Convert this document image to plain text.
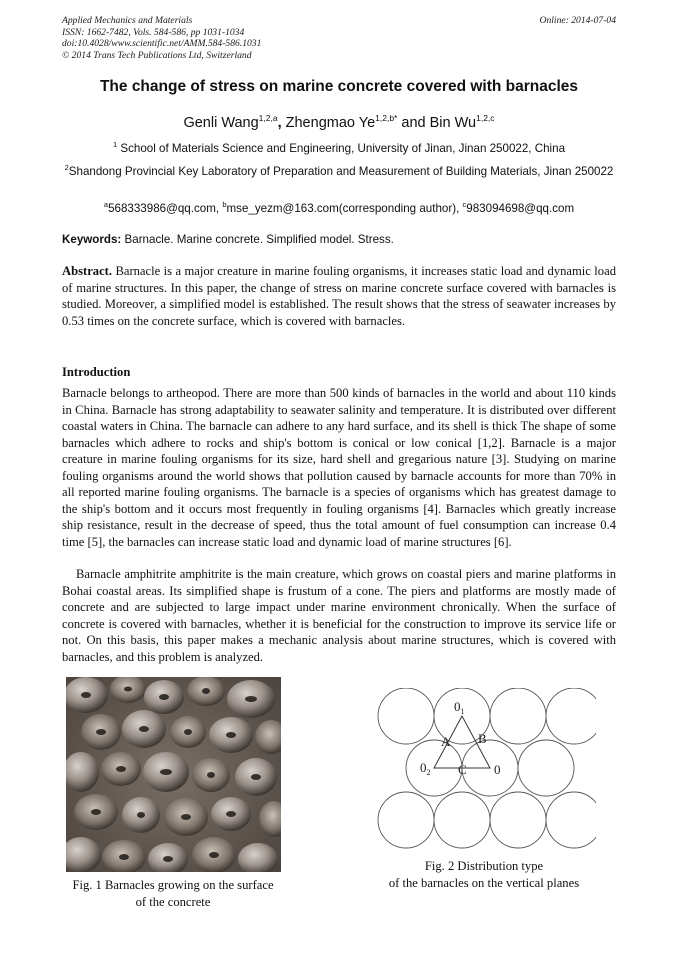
Applied Mechanics and Materials
ISSN: 1662-7482, Vols. 584-586, pp 1031-1034
doi:10.4028/www.scientific.net/AMM.584-586.1031
© 2014 Trans Tech Publications Ltd, Switzerland
Online: 2014-07-04
The change of stress on marine concrete covered with barnacles
Genli Wang$^{1,2,a}$, Zhengmao $Ye^{1,2,b*}$ and Bin Wu$^{1,2,c}$
$^1$ School of Materials Science and Engineering, University of Jinan, Jinan 250022, China
$^2$Shandong Provincial Key Laboratory of Preparation and Measurement of Building Materials, Jinan 250022
$^a$568333986@qq.com, $^b$mse_yezm@163.com(corresponding author), $^c$983094698@qq.com
Keywords: Barnacle. Marine concrete. Simplified model. Stress.
Abstract. Barnacle is a major creature in marine fouling organisms, it increases static load and dynamic load of marine structures. In this paper, the change of stress on marine concrete surface covered with barnacles is studied. Moreover, a simplified model is established. The result shows that the stress of seawater increases by 0.53 times on the concrete surface, which is covered with barnacles.
Introduction
Barnacle belongs to artheopod. There are more than 500 kinds of barnacles in the world and about 110 kinds in China. Barnacle has strong adaptability to seawater salinity and temperature. It is distributed over different coastal waters in China. The barnacle can adhere to any hard surface, and its shell is thick The shape of some barnacles which adhere to rocks and ship's bottom is conical or low conical [1,2]. Barnacle is a major creature in marine fouling organisms for its size, hard shell and gregarious nature [3]. Studying on marine fouling organisms around the world shows that pollution caused by barnacle accounts for more than 70% in all reported marine fouling organisms. The barnacle is a species of organisms which has greatest damage to the ship's bottom and it occurs most frequently in fouling organisms [4]. Barnacles which greatly increase ship resistance, result in the decrease of speed, thus the total amount of fuel consumption can increase 0.4 time [5], the barnacles can increase static load and dynamic load of marine structures [6].
Barnacle amphitrite amphitrite is the main creature, which grows on coastal piers and marine platforms in Bohai coastal areas. Its simplified shape is frustum of a cone. The piers and platforms are mostly made of concrete and are subjected to large impact under marine environment chronically. When the surface of concrete is covered with barnacles, whether it is beneficial for the construction to improve its service life or not. On this basis, this paper makes a mechanic analysis about marine structures, which is covered with barnacles, and this problem is analyzed.
Fig. 1 Barnacles growing on the surface of the concrete
$0_1$
A B
$0_2$ C 0
Fig. 2 Distribution type
of the barnacles on the vertical planes
